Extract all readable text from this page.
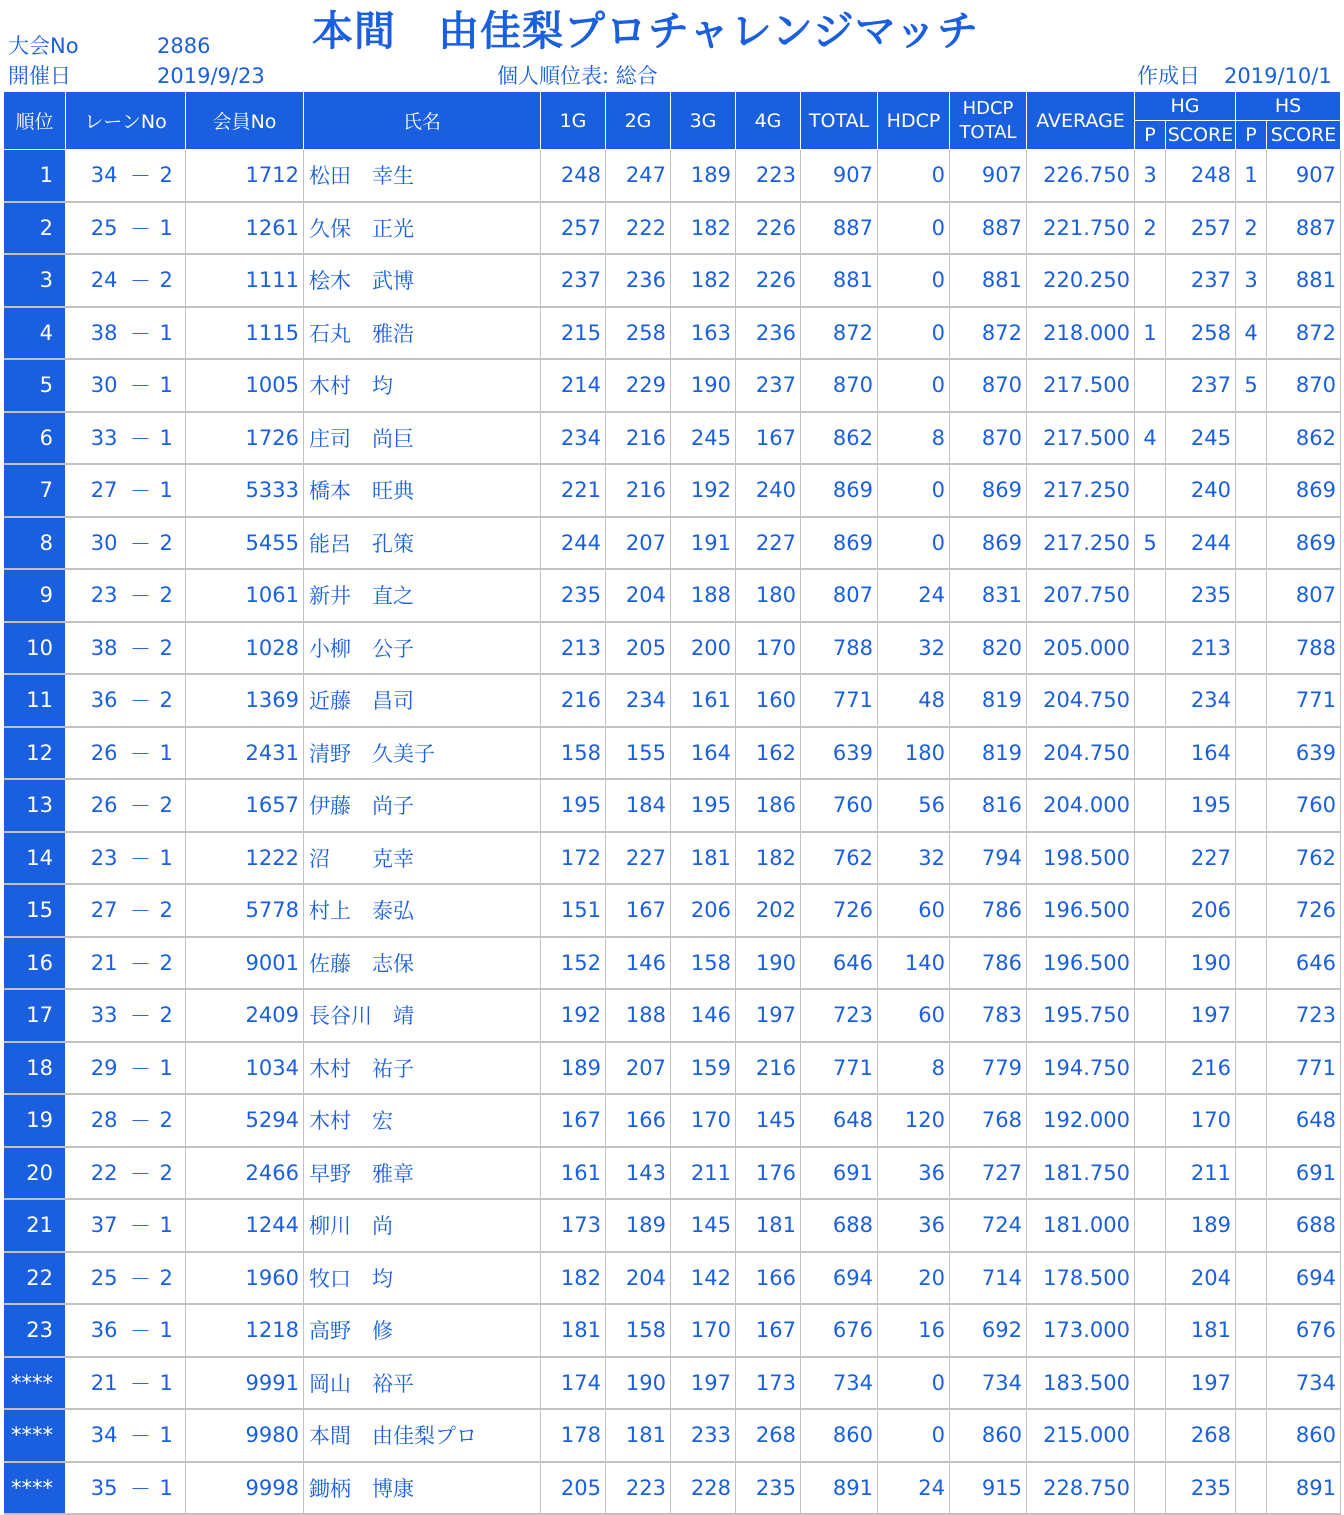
大会No	2886
開催日	2019/9/23
本間　由佳梨プロチャレンジマッチ
個人順位表: 総合	作成日 2019/10/1
順位	レーンNo			会員No	氏名	1G	2G	3G	4G	TOTAL	HDCP	HDCP
TOTAL	AVERAGE	HG		HS	
														P	SCORE	P	SCORE
1	34	－	2	1712	松田　幸生	248	247	189	223	907	0	907	226.750	3	248	1	907
2	25	－	1	1261	久保　正光	257	222	182	226	887	0	887	221.750	2	257	2	887
3	24	－	2	1111	桧木　武博	237	236	182	226	881	0	881	220.250		237	3	881
4	38	－	1	1115	石丸　雅浩	215	258	163	236	872	0	872	218.000	1	258	4	872
5	30	－	1	1005	木村　均	214	229	190	237	870	0	870	217.500		237	5	870
6	33	－	1	1726	庄司　尚巨	234	216	245	167	862	8	870	217.500	4	245		862
7	27	－	1	5333	橋本　旺典	221	216	192	240	869	0	869	217.250		240		869
8	30	－	2	5455	能呂　孔策	244	207	191	227	869	0	869	217.250	5	244		869
9	23	－	2	1061	新井　直之	235	204	188	180	807	24	831	207.750		235		807
10	38	－	2	1028	小柳　公子	213	205	200	170	788	32	820	205.000		213		788
11	36	－	2	1369	近藤　昌司	216	234	161	160	771	48	819	204.750		234		771
12	26	－	1	2431	清野　久美子	158	155	164	162	639	180	819	204.750		164		639
13	26	－	2	1657	伊藤　尚子	195	184	195	186	760	56	816	204.000		195		760
14	23	－	1	1222	沼　　克幸	172	227	181	182	762	32	794	198.500		227		762
15	27	－	2	5778	村上　泰弘	151	167	206	202	726	60	786	196.500		206		726
16	21	－	2	9001	佐藤　志保	152	146	158	190	646	140	786	196.500		190		646
17	33	－	2	2409	長谷川　靖	192	188	146	197	723	60	783	195.750		197		723
18	29	－	1	1034	木村　祐子	189	207	159	216	771	8	779	194.750		216		771
19	28	－	2	5294	木村　宏	167	166	170	145	648	120	768	192.000		170		648
20	22	－	2	2466	早野　雅章	161	143	211	176	691	36	727	181.750		211		691
21	37	－	1	1244	柳川　尚	173	189	145	181	688	36	724	181.000		189		688
22	25	－	2	1960	牧口　均	182	204	142	166	694	20	714	178.500		204		694
23	36	－	1	1218	高野　修	181	158	170	167	676	16	692	173.000		181		676
****	21	－	1	9991	岡山　裕平	174	190	197	173	734	0	734	183.500		197		734
****	34	－	1	9980	本間　由佳梨プロ	178	181	233	268	860	0	860	215.000		268		860
****	35	－	1	9998	鋤柄　博康	205	223	228	235	891	24	915	228.750		235		891
